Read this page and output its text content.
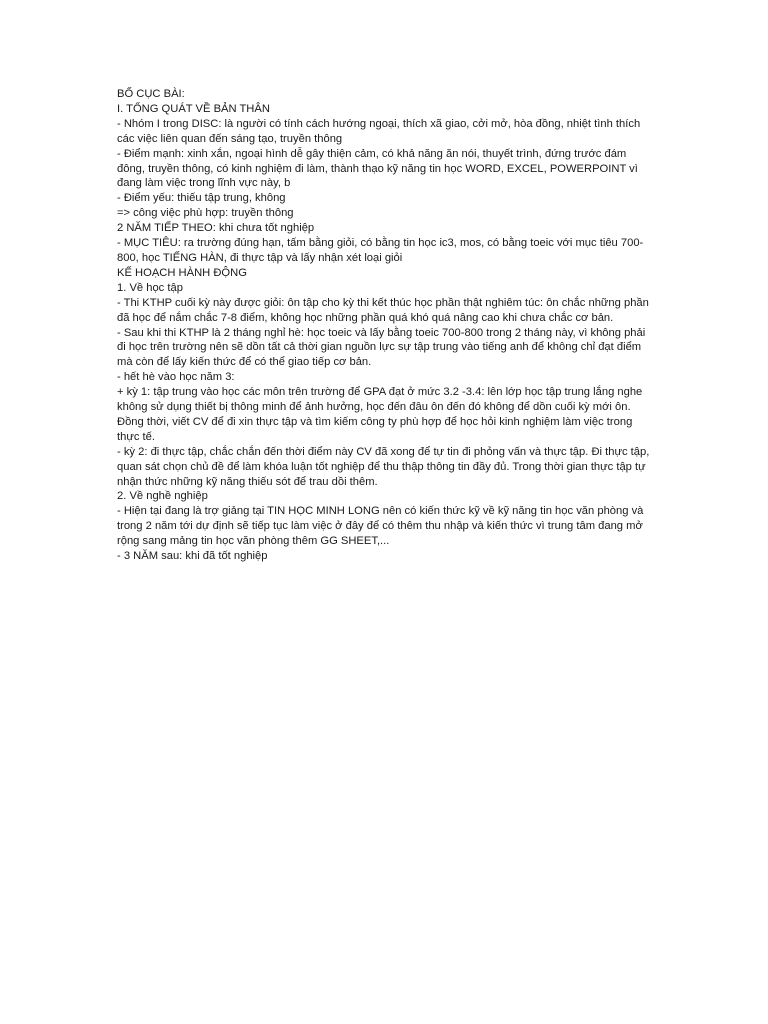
BỐ CỤC BÀI:
I. TỔNG QUÁT VỀ BẢN THÂN
- Nhóm I trong DISC: là người có tính cách hướng ngoại, thích xã giao, cởi mở, hòa đồng, nhiệt tình thích các việc liên quan đến sáng tạo, truyền thông
- Điểm mạnh: xinh xắn, ngoại hình dễ gây thiện cảm, có khả năng ăn nói, thuyết trình, đứng trước đám đông, truyền thông, có kinh nghiệm đi làm, thành thạo kỹ năng tin học WORD, EXCEL, POWERPOINT vì đang làm việc trong lĩnh vực này, b
- Điểm yếu: thiếu tập trung, không
=> công việc phù hợp: truyền thông
2 NĂM TIẾP THEO: khi chưa tốt nghiệp
- MỤC TIÊU: ra trường đúng hạn, tấm bằng giỏi, có bằng tin học ic3, mos, có bằng toeic với mục tiêu 700-800, học TIẾNG HÀN, đi thực tập và lấy nhận xét loại giỏi
KẾ HOẠCH HÀNH ĐỘNG
1. Về học tập
- Thi KTHP cuối kỳ này được giỏi: ôn tập cho kỳ thi kết thúc học phần thật nghiêm túc: ôn chắc những phần đã học để nắm chắc 7-8 điểm, không học những phần quá khó quá nâng cao khi chưa chắc cơ bản.
- Sau khi thi KTHP là 2 tháng nghỉ hè: học toeic và lấy bằng toeic 700-800 trong 2 tháng này, vì không phải đi học trên trường nên sẽ dồn tất cả thời gian nguồn lực sự tập trung vào tiếng anh để không chỉ đạt điểm mà còn để lấy kiến thức để có thể giao tiếp cơ bản.
- hết hè vào học năm 3:
+ kỳ 1: tập trung vào học các môn trên trường để GPA đạt ở mức 3.2 -3.4: lên lớp học tập trung lắng nghe không sử dụng thiết bị thông minh để ảnh hưởng, học đến đâu ôn đến đó không để dồn cuối kỳ mới ôn. Đồng thời, viết CV để đi xin thực tập và tìm kiếm công ty phù hợp để học hỏi kinh nghiệm làm việc trong thực tế.
- kỳ 2: đi thực tập, chắc chắn đến thời điểm này CV đã xong để tự tin đi phỏng vấn và thực tập. Đi thực tập, quan sát chọn chủ đề để làm khóa luận tốt nghiệp để thu thập thông tin đầy đủ. Trong thời gian thực tập tự nhận thức những kỹ năng thiếu sót để trau dồi thêm.
2. Về nghề nghiệp
- Hiện tại đang là trợ giảng tại TIN HỌC MINH LONG nên có kiến thức kỹ về kỹ năng tin học văn phòng và trong 2 năm tới dự định sẽ tiếp tục làm việc ở đây để có thêm thu nhập và kiến thức vì trung tâm đang mở rộng sang mảng tin học văn phòng thêm GG SHEET,...
- 3 NĂM sau: khi đã tốt nghiệp
